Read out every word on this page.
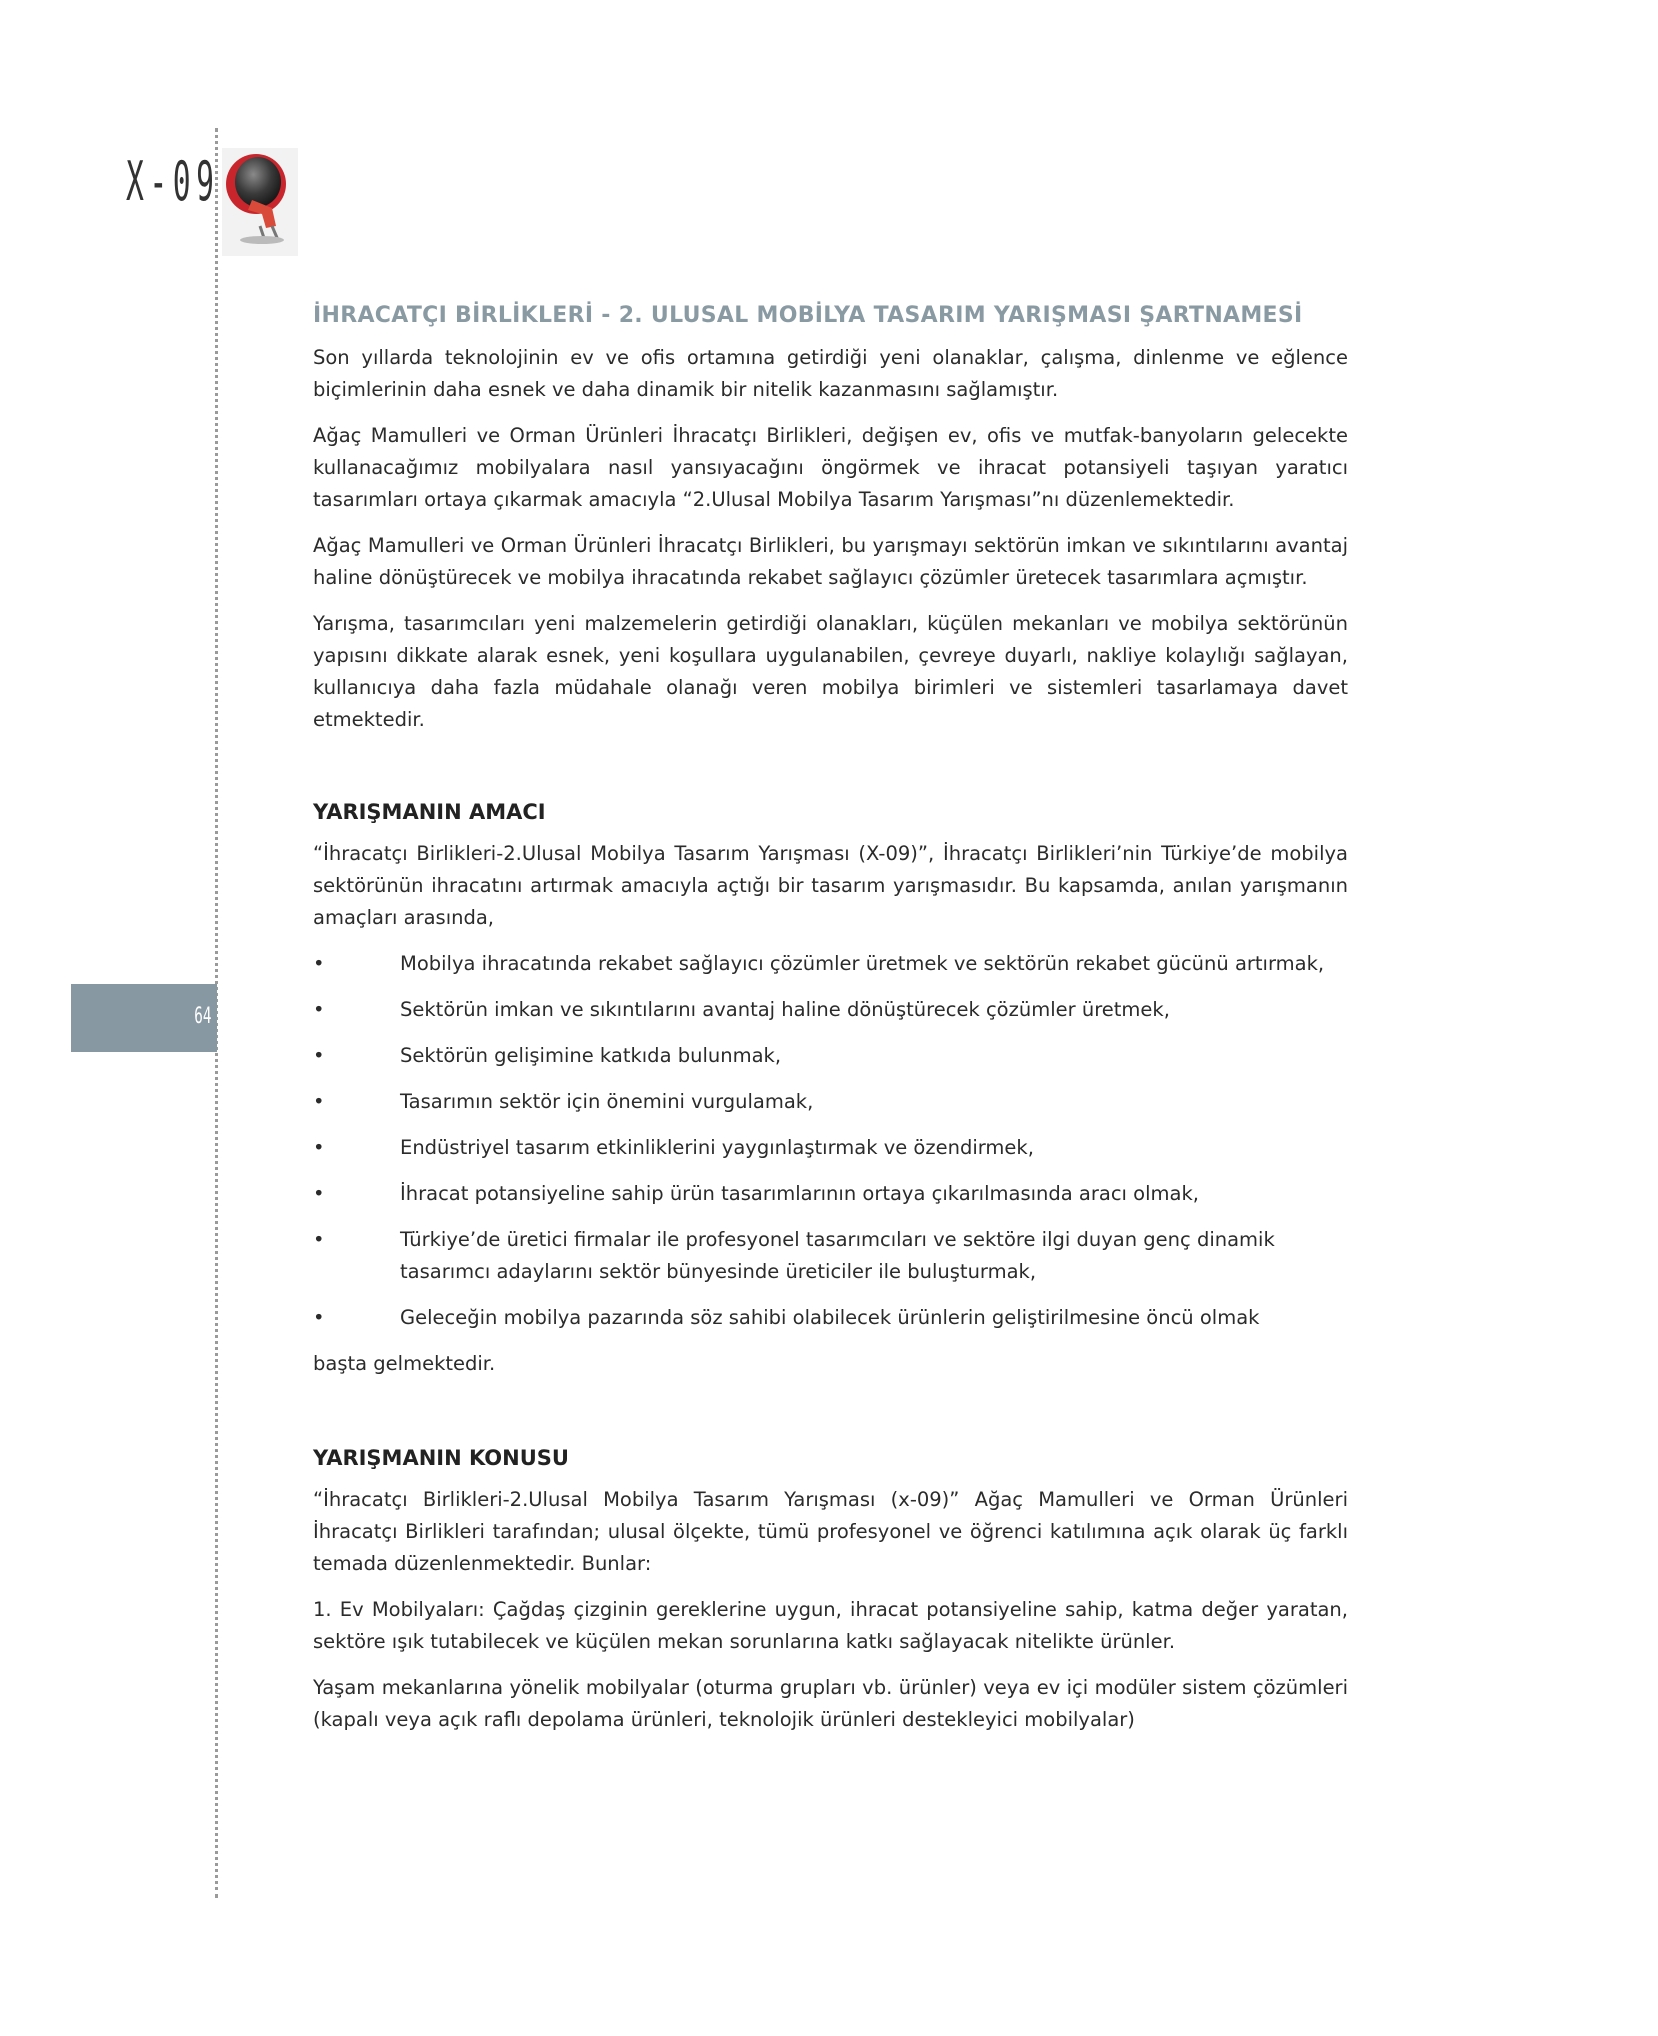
X-09
64
İHRACATÇI BİRLİKLERİ - 2. ULUSAL MOBİLYA TASARIM YARIŞMASI ŞARTNAMESİ

Son yıllarda teknolojinin ev ve ofis ortamına getirdiği yeni olanaklar, çalışma, dinlenme ve eğlence biçimlerinin daha esnek ve daha dinamik bir nitelik kazanmasını sağlamıştır.

Ağaç Mamulleri ve Orman Ürünleri İhracatçı Birlikleri, değişen ev, ofis ve mutfak-banyoların gelecekte kullanacağımız mobilyalara nasıl yansıyacağını öngörmek ve ihracat potansiyeli taşıyan yaratıcı tasarımları ortaya çıkarmak amacıyla “2.Ulusal Mobilya Tasarım Yarışması”nı düzenlemektedir.

Ağaç Mamulleri ve Orman Ürünleri İhracatçı Birlikleri, bu yarışmayı sektörün imkan ve sıkıntılarını avantaj haline dönüştürecek ve mobilya ihracatında rekabet sağlayıcı çözümler üretecek tasarımlara açmıştır.

Yarışma, tasarımcıları yeni malzemelerin getirdiği olanakları, küçülen mekanları ve mobilya sektörünün yapısını dikkate alarak esnek, yeni koşullara uygulanabilen, çevreye duyarlı, nakliye kolaylığı sağlayan, kullanıcıya daha fazla müdahale olanağı veren mobilya birimleri ve sistemleri tasarlamaya davet etmektedir.

YARIŞMANIN AMACI

“İhracatçı Birlikleri-2.Ulusal Mobilya Tasarım Yarışması (X-09)”, İhracatçı Birlikleri’nin Türkiye’de mobilya sektörünün ihracatını artırmak amacıyla açtığı bir tasarım yarışmasıdır. Bu kapsamda, anılan yarışmanın amaçları arasında,

•	Mobilya ihracatında rekabet sağlayıcı çözümler üretmek ve sektörün rekabet gücünü artırmak,
•	Sektörün imkan ve sıkıntılarını avantaj haline dönüştürecek çözümler üretmek,
•	Sektörün gelişimine katkıda bulunmak,
•	Tasarımın sektör için önemini vurgulamak,
•	Endüstriyel tasarım etkinliklerini yaygınlaştırmak ve özendirmek,
•	İhracat potansiyeline sahip ürün tasarımlarının ortaya çıkarılmasında aracı olmak,
•	Türkiye’de üretici firmalar ile profesyonel tasarımcıları ve sektöre ilgi duyan genç dinamik tasarımcı adaylarını sektör bünyesinde üreticiler ile buluşturmak,
•	Geleceğin mobilya pazarında söz sahibi olabilecek ürünlerin geliştirilmesine öncü olmak

başta gelmektedir.

YARIŞMANIN KONUSU

“İhracatçı Birlikleri-2.Ulusal Mobilya Tasarım Yarışması (x-09)” Ağaç Mamulleri ve Orman Ürünleri İhracatçı Birlikleri tarafından; ulusal ölçekte, tümü profesyonel ve öğrenci katılımına açık olarak üç farklı temada düzenlenmektedir. Bunlar:

1. Ev Mobilyaları: Çağdaş çizginin gereklerine uygun, ihracat potansiyeline sahip, katma değer yaratan, sektöre ışık tutabilecek ve küçülen mekan sorunlarına katkı sağlayacak nitelikte ürünler.

Yaşam mekanlarına yönelik mobilyalar (oturma grupları vb. ürünler) veya ev içi modüler sistem çözümleri (kapalı veya açık raflı depolama ürünleri, teknolojik ürünleri destekleyici mobilyalar)
